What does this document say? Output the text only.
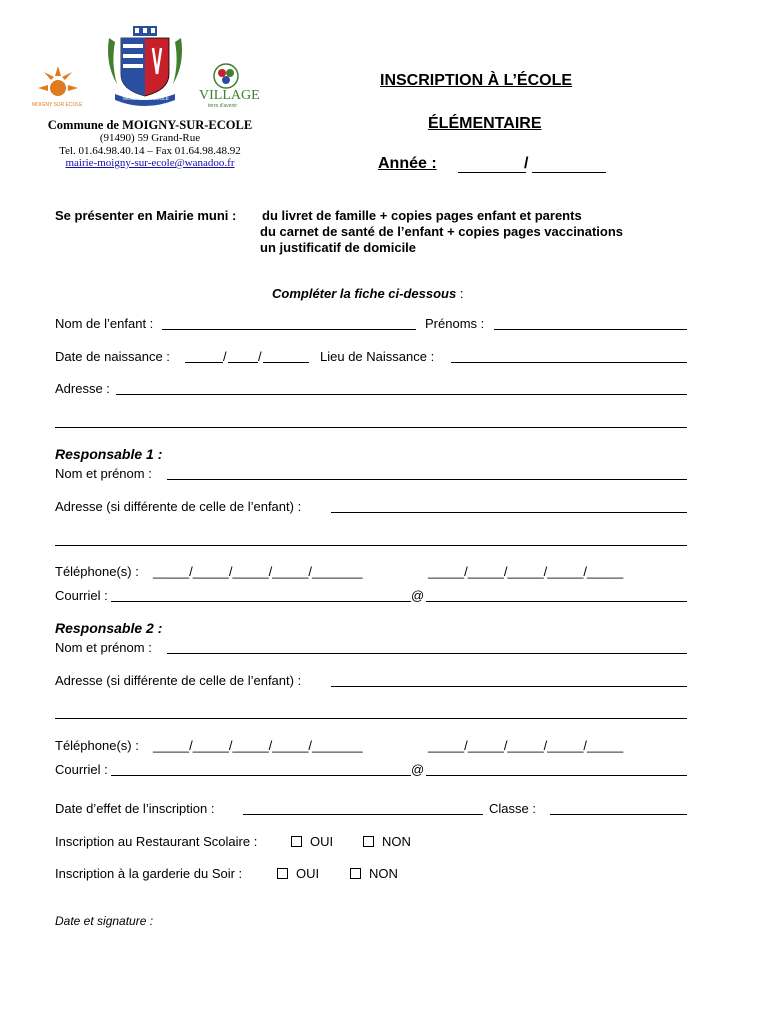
MOIGNY SUR ECOLE
MOIGNY SUR ECOLE	VILLAGE
terre d'avenir
Commune de MOIGNY-SUR-ECOLE
(91490) 59 Grand-Rue
Tel. 01.64.98.40.14 – Fax 01.64.98.48.92
mairie-moigny-sur-ecole@wanadoo.fr
INSCRIPTION À L’ÉCOLE
ÉLÉMENTAIRE
Année :	/
Se présenter en Mairie muni : du livret de famille + copies pages enfant et parents
du carnet de santé de l’enfant + copies pages vaccinations
un justificatif de domicile
Compléter la fiche ci-dessous :
Nom de l’enfant :	Prénoms :
Date de naissance :	/ /	Lieu de Naissance :
Adresse :
Responsable 1 :
Nom et prénom :
Adresse (si différente de celle de l’enfant) :
Téléphone(s) : _____/_____/_____/_____/_______	_____/_____/_____/_____/_____
Courriel :	@
Responsable 2 :
Nom et prénom :
Adresse (si différente de celle de l’enfant) :
Téléphone(s) : _____/_____/_____/_____/_______	_____/_____/_____/_____/_____
Courriel :	@
Date d’effet de l’inscription :	Classe :
Inscription au Restaurant Scolaire :	OUI	NON
Inscription à la garderie du Soir :	OUI	NON
Date et signature :
